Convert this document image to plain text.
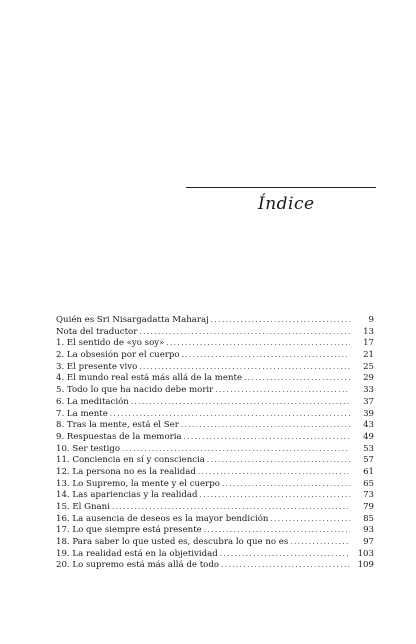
Índice
Quién es Sri Nisargadatta Maharaj .....	9
Nota del traductor .....	13
1. El sentido de «yo soy» .....	17
2. La obsesión por el cuerpo .....	21
3. El presente vivo .....	25
4. El mundo real está más allá de la mente .....	29
5. Todo lo que ha nacido debe morir .....	33
6. La meditación .....	37
7. La mente .....	39
8. Tras la mente, está el Ser .....	43
9. Respuestas de la memoria .....	49
10. Ser testigo .....	53
11. Conciencia en sí y consciencia .....	57
12. La persona no es la realidad .....	61
13. Lo Supremo, la mente y el cuerpo .....	65
14. Las apariencias y la realidad .....	73
15. El Gnani .....	79
16. La ausencia de deseos es la mayor bendición .....	85
17. Lo que siempre está presente .....	93
18. Para saber lo que usted es, descubra lo que no es .....	97
19. La realidad está en la objetividad .....	103
20. Lo supremo está más allá de todo .....	109
